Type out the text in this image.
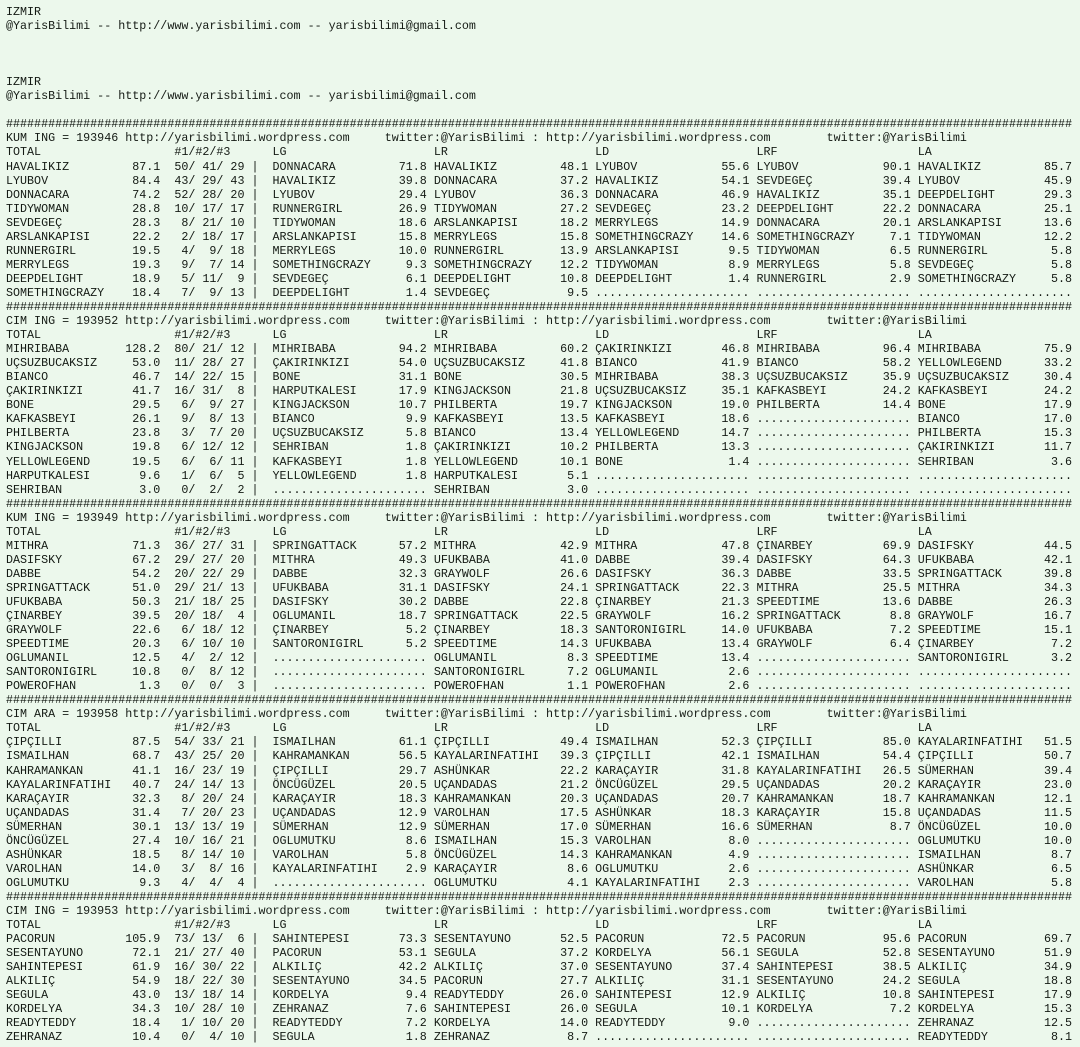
IZMIR
@YarisBilimi -- http://www.yarisbilimi.com -- yarisbilimi@gmail.com
IZMIR
@YarisBilimi -- http://www.yarisbilimi.com -- yarisbilimi@gmail.com
########################################################################################################################################################
KUM ING = 193946 http://yarisbilimi.wordpress.com     twitter:@YarisBilimi : http://yarisbilimi.wordpress.com        twitter:@YarisBilimi
TOTAL                   #1/#2/#3      LG                     LR                     LD                     LRF                    LA
HAVALIKIZ         87.1  50/ 41/ 29 |  DONNACARA         71.8 HAVALIKIZ         48.1 LYUBOV            55.6 LYUBOV            90.1 HAVALIKIZ         85.7
LYUBOV            84.4  43/ 29/ 43 |  HAVALIKIZ         39.8 DONNACARA         37.2 HAVALIKIZ         54.1 SEVDEGEÇ          39.4 LYUBOV            45.9
DONNACARA         74.2  52/ 28/ 20 |  LYUBOV            29.4 LYUBOV            36.3 DONNACARA         46.9 HAVALIKIZ         35.1 DEEPDELIGHT       29.3
TIDYWOMAN         28.8  10/ 17/ 17 |  RUNNERGIRL        26.9 TIDYWOMAN         27.2 SEVDEGEÇ          23.2 DEEPDELIGHT       22.2 DONNACARA         25.1
SEVDEGEÇ          28.3   8/ 21/ 10 |  TIDYWOMAN         18.6 ARSLANKAPISI      18.2 MERRYLEGS         14.9 DONNACARA         20.1 ARSLANKAPISI      13.6
ARSLANKAPISI      22.2   2/ 18/ 17 |  ARSLANKAPISI      15.8 MERRYLEGS         15.8 SOMETHINGCRAZY    14.6 SOMETHINGCRAZY     7.1 TIDYWOMAN         12.2
RUNNERGIRL        19.5   4/  9/ 18 |  MERRYLEGS         10.0 RUNNERGIRL        13.9 ARSLANKAPISI       9.5 TIDYWOMAN          6.5 RUNNERGIRL         5.8
MERRYLEGS         19.3   9/  7/ 14 |  SOMETHINGCRAZY     9.3 SOMETHINGCRAZY    12.2 TIDYWOMAN          8.9 MERRYLEGS          5.8 SEVDEGEÇ           5.8
DEEPDELIGHT       18.9   5/ 11/  9 |  SEVDEGEÇ           6.1 DEEPDELIGHT       10.8 DEEPDELIGHT        1.4 RUNNERGIRL         2.9 SOMETHINGCRAZY     5.8
SOMETHINGCRAZY    18.4   7/  9/ 13 |  DEEPDELIGHT        1.4 SEVDEGEÇ           9.5 ...................... ...................... ......................
########################################################################################################################################################
CIM ING = 193952 http://yarisbilimi.wordpress.com     twitter:@YarisBilimi : http://yarisbilimi.wordpress.com        twitter:@YarisBilimi
TOTAL                   #1/#2/#3      LG                     LR                     LD                     LRF                    LA
MIHRIBABA        128.2  80/ 21/ 12 |  MIHRIBABA         94.2 MIHRIBABA         60.2 ÇAKIRINKIZI       46.8 MIHRIBABA         96.4 MIHRIBABA         75.9
UÇSUZBUCAKSIZ     53.0  11/ 28/ 27 |  ÇAKIRINKIZI       54.0 UÇSUZBUCAKSIZ     41.8 BIANCO            41.9 BIANCO            58.2 YELLOWLEGEND      33.2
BIANCO            46.7  14/ 22/ 15 |  BONE              31.1 BONE              30.5 MIHRIBABA         38.3 UÇSUZBUCAKSIZ     35.9 UÇSUZBUCAKSIZ     30.4
ÇAKIRINKIZI       41.7  16/ 31/  8 |  HARPUTKALESI      17.9 KINGJACKSON       21.8 UÇSUZBUCAKSIZ     35.1 KAFKASBEYI        24.2 KAFKASBEYI        24.2
BONE              29.5   6/  9/ 27 |  KINGJACKSON       10.7 PHILBERTA         19.7 KINGJACKSON       19.0 PHILBERTA         14.4 BONE              17.9
KAFKASBEYI        26.1   9/  8/ 13 |  BIANCO             9.9 KAFKASBEYI        13.5 KAFKASBEYI        18.6 ...................... BIANCO            17.0
PHILBERTA         23.8   3/  7/ 20 |  UÇSUZBUCAKSIZ      5.8 BIANCO            13.4 YELLOWLEGEND      14.7 ...................... PHILBERTA         15.3
KINGJACKSON       19.8   6/ 12/ 12 |  SEHRIBAN           1.8 ÇAKIRINKIZI       10.2 PHILBERTA         13.3 ...................... ÇAKIRINKIZI       11.7
YELLOWLEGEND      19.5   6/  6/ 11 |  KAFKASBEYI         1.8 YELLOWLEGEND      10.1 BONE               1.4 ...................... SEHRIBAN           3.6
HARPUTKALESI       9.6   1/  6/  5 |  YELLOWLEGEND       1.8 HARPUTKALESI       5.1 ...................... ...................... ......................
SEHRIBAN           3.0   0/  2/  2 |  ...................... SEHRIBAN           3.0 ...................... ...................... ......................
########################################################################################################################################################
KUM ING = 193949 http://yarisbilimi.wordpress.com     twitter:@YarisBilimi : http://yarisbilimi.wordpress.com        twitter:@YarisBilimi
TOTAL                   #1/#2/#3      LG                     LR                     LD                     LRF                    LA
MITHRA            71.3  36/ 27/ 31 |  SPRINGATTACK      57.2 MITHRA            42.9 MITHRA            47.8 ÇINARBEY          69.9 DASIFSKY          44.5
DASIFSKY          67.2  29/ 27/ 20 |  MITHRA            49.3 UFUKBABA          41.0 DABBE             39.4 DASIFSKY          64.3 UFUKBABA          42.1
DABBE             54.2  20/ 22/ 29 |  DABBE             32.3 GRAYWOLF          26.6 DASIFSKY          36.3 DABBE             33.5 SPRINGATTACK      39.8
SPRINGATTACK      51.0  29/ 21/ 13 |  UFUKBABA          31.1 DASIFSKY          24.1 SPRINGATTACK      22.3 MITHRA            25.5 MITHRA            34.3
UFUKBABA          50.3  21/ 18/ 25 |  DASIFSKY          30.2 DABBE             22.8 ÇINARBEY          21.3 SPEEDTIME         13.6 DABBE             26.3
ÇINARBEY          39.5  20/ 18/  4 |  OGLUMANIL         18.7 SPRINGATTACK      22.5 GRAYWOLF          16.2 SPRINGATTACK       8.8 GRAYWOLF          16.7
GRAYWOLF          22.6   6/ 18/ 12 |  ÇINARBEY           5.2 ÇINARBEY          18.3 SANTORONIGIRL     14.0 UFUKBABA           7.2 SPEEDTIME         15.1
SPEEDTIME         20.3   6/ 10/ 10 |  SANTORONIGIRL      5.2 SPEEDTIME         14.3 UFUKBABA          13.4 GRAYWOLF           6.4 ÇINARBEY           7.2
OGLUMANIL         12.5   4/  2/ 12 |  ...................... OGLUMANIL          8.3 SPEEDTIME         13.4 ...................... SANTORONIGIRL      3.2
SANTORONIGIRL     10.8   0/  8/ 12 |  ...................... SANTORONIGIRL      7.2 OGLUMANIL          2.6 ...................... ......................
POWEROFHAN         1.3   0/  0/  3 |  ...................... POWEROFHAN         1.1 POWEROFHAN         2.6 ...................... ......................
########################################################################################################################################################
CIM ARA = 193958 http://yarisbilimi.wordpress.com     twitter:@YarisBilimi : http://yarisbilimi.wordpress.com        twitter:@YarisBilimi
TOTAL                   #1/#2/#3      LG                     LR                     LD                     LRF                    LA
ÇIPÇILLI          87.5  54/ 33/ 21 |  ISMAILHAN         61.1 ÇIPÇILLI          49.4 ISMAILHAN         52.3 ÇIPÇILLI          85.0 KAYALARINFATIHI   51.5
ISMAILHAN         68.7  43/ 25/ 20 |  KAHRAMANKAN       56.5 KAYALARINFATIHI   39.3 ÇIPÇILLI          42.1 ISMAILHAN         54.4 ÇIPÇILLI          50.7
KAHRAMANKAN       41.1  16/ 23/ 19 |  ÇIPÇILLI          29.7 ASHÜNKAR          22.2 KARAÇAYIR         31.8 KAYALARINFATIHI   26.5 SÜMERHAN          39.4
KAYALARINFATIHI   40.7  24/ 14/ 13 |  ÖNCÜGÜZEL         20.5 UÇANDADAS         21.2 ÖNCÜGÜZEL         29.5 UÇANDADAS         20.2 KARAÇAYIR         23.0
KARAÇAYIR         32.3   8/ 20/ 24 |  KARAÇAYIR         18.3 KAHRAMANKAN       20.3 UÇANDADAS         20.7 KAHRAMANKAN       18.7 KAHRAMANKAN       12.1
UÇANDADAS         31.4   7/ 20/ 23 |  UÇANDADAS         12.9 VAROLHAN          17.5 ASHÜNKAR          18.3 KARAÇAYIR         15.8 UÇANDADAS         11.5
SÜMERHAN          30.1  13/ 13/ 19 |  SÜMERHAN          12.9 SÜMERHAN          17.0 SÜMERHAN          16.6 SÜMERHAN           8.7 ÖNCÜGÜZEL         10.0
ÖNCÜGÜZEL         27.4  10/ 16/ 21 |  OGLUMUTKU          8.6 ISMAILHAN         15.3 VAROLHAN           8.0 ...................... OGLUMUTKU         10.0
ASHÜNKAR          18.5   8/ 14/ 10 |  VAROLHAN           5.8 ÖNCÜGÜZEL         14.3 KAHRAMANKAN        4.9 ...................... ISMAILHAN          8.7
VAROLHAN          14.0   3/  8/ 16 |  KAYALARINFATIHI    2.9 KARAÇAYIR          8.6 OGLUMUTKU          2.6 ...................... ASHÜNKAR           6.5
OGLUMUTKU          9.3   4/  4/  4 |  ...................... OGLUMUTKU          4.1 KAYALARINFATIHI    2.3 ...................... VAROLHAN           5.8
########################################################################################################################################################
CIM ING = 193953 http://yarisbilimi.wordpress.com     twitter:@YarisBilimi : http://yarisbilimi.wordpress.com        twitter:@YarisBilimi
TOTAL                   #1/#2/#3      LG                     LR                     LD                     LRF                    LA
PACORUN          105.9  73/ 13/  6 |  SAHINTEPESI       73.3 SESENTAYUNO       52.5 PACORUN           72.5 PACORUN           95.6 PACORUN           69.7
SESENTAYUNO       72.1  21/ 27/ 40 |  PACORUN           53.1 SEGULA            37.2 KORDELYA          56.1 SEGULA            52.8 SESENTAYUNO       51.9
SAHINTEPESI       61.9  16/ 30/ 22 |  ALKILIÇ           42.2 ALKILIÇ           37.0 SESENTAYUNO       37.4 SAHINTEPESI       38.5 ALKILIÇ           34.9
ALKILIÇ           54.9  18/ 22/ 30 |  SESENTAYUNO       34.5 PACORUN           27.7 ALKILIÇ           31.1 SESENTAYUNO       24.2 SEGULA            18.8
SEGULA            43.0  13/ 18/ 14 |  KORDELYA           9.4 READYTEDDY        26.0 SAHINTEPESI       12.9 ALKILIÇ           10.8 SAHINTEPESI       17.9
KORDELYA          34.3  10/ 28/ 10 |  ZEHRANAZ           7.6 SAHINTEPESI       26.0 SEGULA            10.1 KORDELYA           7.2 KORDELYA          15.3
READYTEDDY        18.4   1/ 10/ 20 |  READYTEDDY         7.2 KORDELYA          14.0 READYTEDDY         9.0 ...................... ZEHRANAZ          12.5
ZEHRANAZ          10.4   0/  4/ 10 |  SEGULA             1.8 ZEHRANAZ           8.7 ...................... ...................... READYTEDDY         8.1
